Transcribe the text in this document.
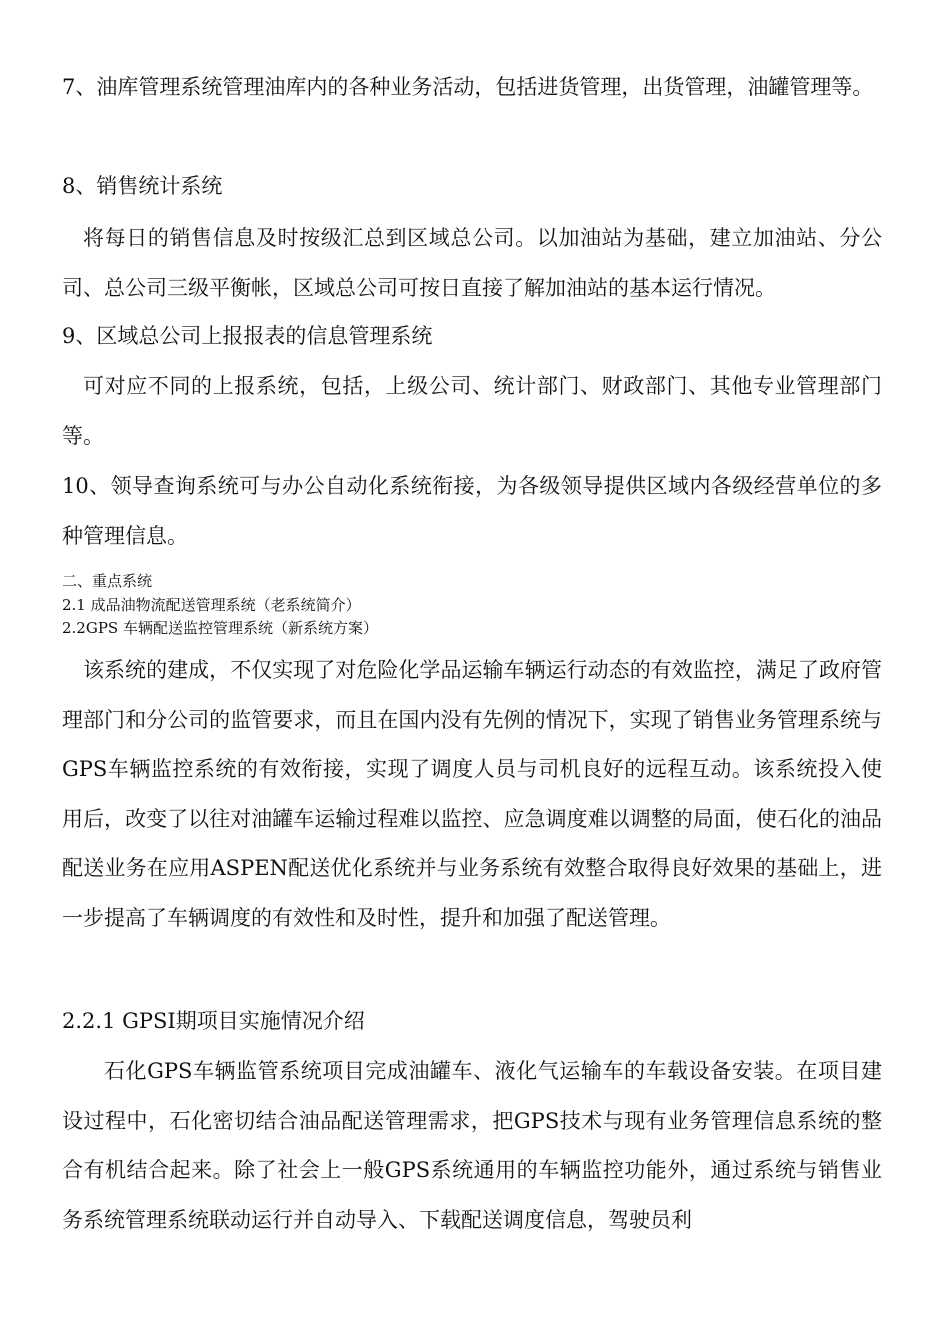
7、油库管理系统管理油库内的各种业务活动，包括进货管理，出货管理，油罐管理等。

8、销售统计系统

将每日的销售信息及时按级汇总到区域总公司。以加油站为基础，建立加油站、分公司、总公司三级平衡帐，区域总公司可按日直接了解加油站的基本运行情况。

9、区域总公司上报报表的信息管理系统

可对应不同的上报系统，包括，上级公司、统计部门、财政部门、其他专业管理部门等。

10、领导查询系统可与办公自动化系统衔接，为各级领导提供区域内各级经营单位的多种管理信息。

二、重点系统

2.1 成品油物流配送管理系统（老系统简介）

2.2GPS 车辆配送监控管理系统（新系统方案）

该系统的建成，不仅实现了对危险化学品运输车辆运行动态的有效监控，满足了政府管理部门和分公司的监管要求，而且在国内没有先例的情况下，实现了销售业务管理系统与GPS车辆监控系统的有效衔接，实现了调度人员与司机良好的远程互动。该系统投入使用后，改变了以往对油罐车运输过程难以监控、应急调度难以调整的局面，使石化的油品配送业务在应用ASPEN配送优化系统并与业务系统有效整合取得良好效果的基础上，进一步提高了车辆调度的有效性和及时性，提升和加强了配送管理。

2.2.1 GPSI期项目实施情况介绍

石化GPS车辆监管系统项目完成油罐车、液化气运输车的车载设备安装。在项目建设过程中，石化密切结合油品配送管理需求，把GPS技术与现有业务管理信息系统的整合有机结合起来。除了社会上一般GPS系统通用的车辆监控功能外，通过系统与销售业务系统管理系统联动运行并自动导入、下载配送调度信息，驾驶员利
